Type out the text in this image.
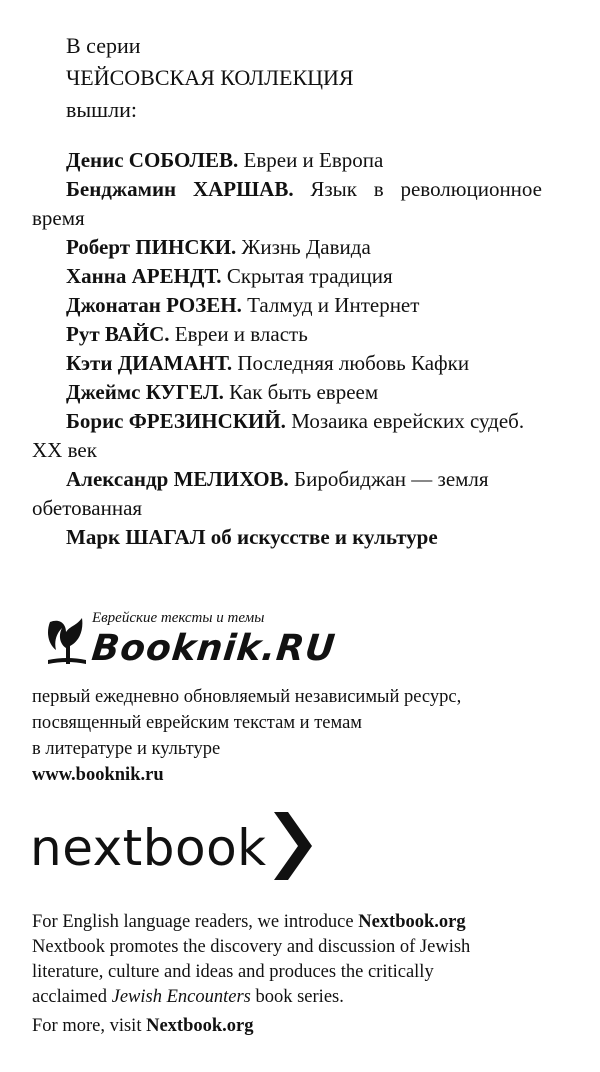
В серии
ЧЕЙСОВСКАЯ КОЛЛЕКЦИЯ
вышли:
Денис СОБОЛЕВ. Евреи и Европа
Бенджамин ХАРШАВ. Язык в революционное время
Роберт ПИНСКИ. Жизнь Давида
Ханна АРЕНДТ. Скрытая традиция
Джонатан РОЗЕН. Талмуд и Интернет
Рут ВАЙС. Евреи и власть
Кэти ДИАМАНТ. Последняя любовь Кафки
Джеймс КУГЕЛ. Как быть евреем
Борис ФРЕЗИНСКИЙ. Мозаика еврейских судеб. XX век
Александр МЕЛИХОВ. Биробиджан — земля обетованная
Марк ШАГАЛ об искусстве и культуре
Еврейские тексты и темы
Booknik.RU
первый ежедневно обновляемый независимый ресурс,
посвященный еврейским текстам и темам
в литературе и культуре
www.booknik.ru
nextbook
For English language readers, we introduce Nextbook.org
Nextbook promotes the discovery and discussion of Jewish
literature, culture and ideas and produces the critically
acclaimed Jewish Encounters book series.
For more, visit Nextbook.org
